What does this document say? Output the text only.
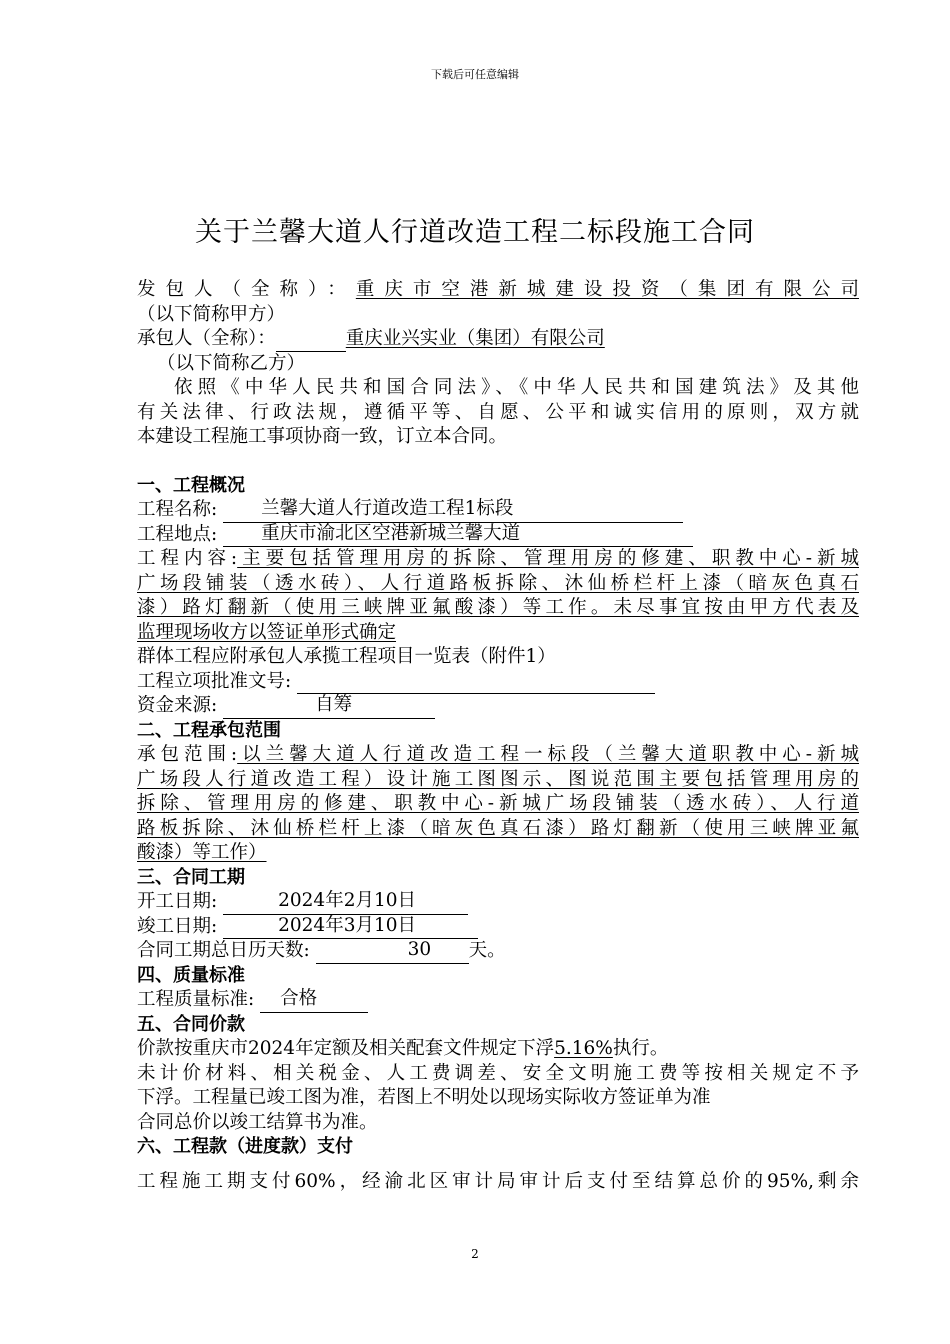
下载后可任意编辑
关于兰馨大道人行道改造工程二标段施工合同
发包人（全称）：重庆市空港新城建设投资（集团有限公司
（以下简称甲方）
承包人（全称）：	重庆业兴实业（集团）有限公司
（以下简称乙方）
依照《中华人民共和国合同法》、《中华人民共和国建筑法》及其他
有关法律、行政法规，遵循平等、自愿、公平和诚实信用的原则，双方就
本建设工程施工事项协商一致，订立本合同。
一、工程概况
工程名称: 兰馨大道人行道改造工程1标段
工程地点: 重庆市渝北区空港新城兰馨大道
工程内容:主要包括管理用房的拆除、管理用房的修建、职教中心-新城
广场段铺装（透水砖）、人行道路板拆除、沐仙桥栏杆上漆（暗灰色真石
漆）路灯翻新（使用三峡牌亚氟酸漆）等工作。未尽事宜按由甲方代表及
监理现场收方以签证单形式确定
群体工程应附承包人承揽工程项目一览表（附件1）
工程立项批准文号:
资金来源:	自筹
二、工程承包范围
承包范围:以兰馨大道人行道改造工程一标段（兰馨大道职教中心-新城
广场段人行道改造工程）设计施工图图示、图说范围主要包括管理用房的
拆除、管理用房的修建、职教中心-新城广场段铺装（透水砖）、人行道
路板拆除、沐仙桥栏杆上漆（暗灰色真石漆）路灯翻新（使用三峡牌亚氟
酸漆）等工作）
三、合同工期
开工日期:	2024年2月10日
竣工日期:	2024年3月10日
合同工期总日历天数:	30 天。
四、质量标准
工程质量标准: 合格
五、合同价款
价款按重庆市2024年定额及相关配套文件规定下浮5.16%执行。
未计价材料、相关税金、人工费调差、安全文明施工费等按相关规定不予
下浮。工程量已竣工图为准，若图上不明处以现场实际收方签证单为准
合同总价以竣工结算书为准。
六、工程款（进度款）支付
工程施工期支付60%，经渝北区审计局审计后支付至结算总价的95%,剩余
2
